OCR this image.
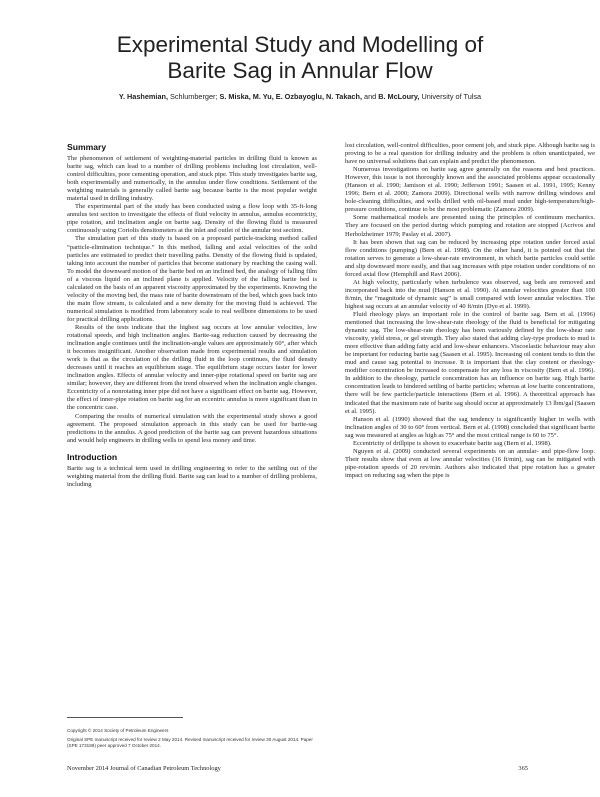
Experimental Study and Modelling of
Barite Sag in Annular Flow
Y. Hashemian, Schlumberger; S. Miska, M. Yu, E. Ozbayoglu, N. Takach, and B. McLoury, University of Tulsa
Summary

The phenomenon of settlement of weighting-material particles in drilling fluid is known as barite sag, which can lead to a number of drilling problems including lost circulation, well-control difficulties, poor cementing operation, and stuck pipe. This study investigates barite sag, both experimentally and numerically, in the annulus under flow conditions. Settlement of the weighting materials is generally called barite sag because barite is the most popular weight material used in drilling industry.

The experimental part of the study has been conducted using a flow loop with 35-ft-long annulus test section to investigate the effects of fluid velocity in annulus, annulus eccentricity, pipe rotation, and inclination angle on barite sag. Density of the flowing fluid is measured continuously using Coriolis densitometers at the inlet and outlet of the annular test section.

The simulation part of this study is based on a proposed particle-tracking method called “particle-elimination technique.” In this method, falling and axial velocities of the solid particles are estimated to predict their travelling paths. Density of the flowing fluid is updated, taking into account the number of particles that become stationary by reaching the casing wall. To model the downward motion of the barite bed on an inclined bed, the analogy of falling film of a viscous liquid on an inclined plane is applied. Velocity of the falling barite bed is calculated on the basis of an apparent viscosity approximated by the experiments. Knowing the velocity of the moving bed, the mass rate of barite downstream of the bed, which goes back into the main flow stream, is calculated and a new density for the moving fluid is achieved. The numerical simulation is modified from laboratory scale to real wellbore dimensions to be used for practical drilling applications.

Results of the tests indicate that the highest sag occurs at low annular velocities, low rotational speeds, and high inclination angles. Barite-sag reduction caused by decreasing the inclination angle continues until the inclination-angle values are approximately 60°, after which it becomes insignificant. Another observation made from experimental results and simulation work is that as the circulation of the drilling fluid in the loop continues, the fluid density decreases until it reaches an equilibrium stage. The equilibrium stage occurs faster for lower inclination angles. Effects of annular velocity and inner-pipe rotational speed on barite sag are similar; however, they are different from the trend observed when the inclination angle changes. Eccentricity of a nonrotating inner pipe did not have a significant effect on barite sag. However, the effect of inner-pipe rotation on barite sag for an eccentric annulus is more significant than in the concentric case.

Comparing the results of numerical simulation with the experimental study shows a good agreement. The proposed simulation approach in this study can be used for barite-sag predictions in the annulus. A good prediction of the barite sag can prevent hazardous situations and would help engineers in drilling wells to spend less money and time.

Introduction

Barite sag is a technical term used in drilling engineering to refer to the settling out of the weighting material from the drilling fluid. Barite sag can lead to a number of drilling problems, including

lost circulation, well-control difficulties, poor cement job, and stuck pipe. Although barite sag is proving to be a real question for drilling industry and the problem is often unanticipated, we have no universal solutions that can explain and predict the phenomenon.

Numerous investigations on barite sag agree generally on the reasons and best practices. However, this issue is not thoroughly known and the associated problems appear occasionally (Hanson et al. 1990; Jamison et al. 1990; Jefferson 1991; Saasen et al. 1991, 1995; Kenny 1996; Bern et al. 2000; Zamora 2009). Directional wells with narrow drilling windows and hole-cleaning difficulties, and wells drilled with oil-based mud under high-temperature/high-pressure conditions, continue to be the most problematic (Zamora 2009).

Some mathematical models are presented using the principles of continuum mechanics. They are focused on the period during which pumping and rotation are stopped (Acrivos and Herbolzheimer 1979; Paslay et al. 2007).

It has been shown that sag can be reduced by increasing pipe rotation under forced axial flow conditions (pumping) (Bern et al. 1998). On the other hand, it is pointed out that the rotation serves to generate a low-shear-rate environment, in which barite particles could settle and slip downward more easily, and that sag increases with pipe rotation under conditions of no forced axial flow (Hemphill and Ravi 2006).

At high velocity, particularly when turbulence was observed, sag beds are removed and incorporated back into the mud (Hanson et al. 1990). At annular velocities greater than 100 ft/min, the “magnitude of dynamic sag” is small compared with lower annular velocities. The highest sag occurs at an annular velocity of 40 ft/min (Dye et al. 1999).

Fluid rheology plays an important role in the control of barite sag. Bern et al. (1996) mentioned that increasing the low-shear-rate rheology of the fluid is beneficial for mitigating dynamic sag. The low-shear-rate rheology has been variously defined by the low-shear rate viscosity, yield stress, or gel strength. They also stated that adding clay-type products to mud is more effective than adding fatty acid and low-shear enhancers. Viscoelastic behaviour may also be important for reducing barite sag (Saasen et al. 1995). Increasing oil content tends to thin the mud and cause sag potential to increase. It is important that the clay content or rheology-modifier concentration be increased to compensate for any loss in viscosity (Bern et al. 1996). In addition to the rheology, particle concentration has an influence on barite sag. High barite concentration leads to hindered settling of barite particles; whereas at low barite concentrations, there will be few particle/particle interactions (Bern et al. 1996). A theoretical approach has indicated that the maximum rate of barite sag should occur at approximately 13 lbm/gal (Saasen et al. 1995).

Hanson et al. (1990) showed that the sag tendency is significantly higher in wells with inclination angles of 30 to 60° from vertical. Bern et al. (1998) concluded that significant barite sag was measured at angles as high as 75° and the most critical range is 60 to 75°.

Eccentricity of drillpipe is shown to exacerbate barite sag (Bern et al. 1998).

Nguyen et al. (2009) conducted several experiments on an annular- and pipe-flow loop. Their results show that even at low annular velocities (16 ft/min), sag can be mitigated with pipe-rotation speeds of 20 rev/min. Authors also indicated that pipe rotation has a greater impact on reducing sag when the pipe is

Copyright © 2014 Society of Petroleum Engineers
Original SPE manuscript received for review 2 May 2014. Revised manuscript received for review 30 August 2014. Paper (SPE 173189) peer approved 7 October 2014.
November 2014 Journal of Canadian Petroleum Technology	365
